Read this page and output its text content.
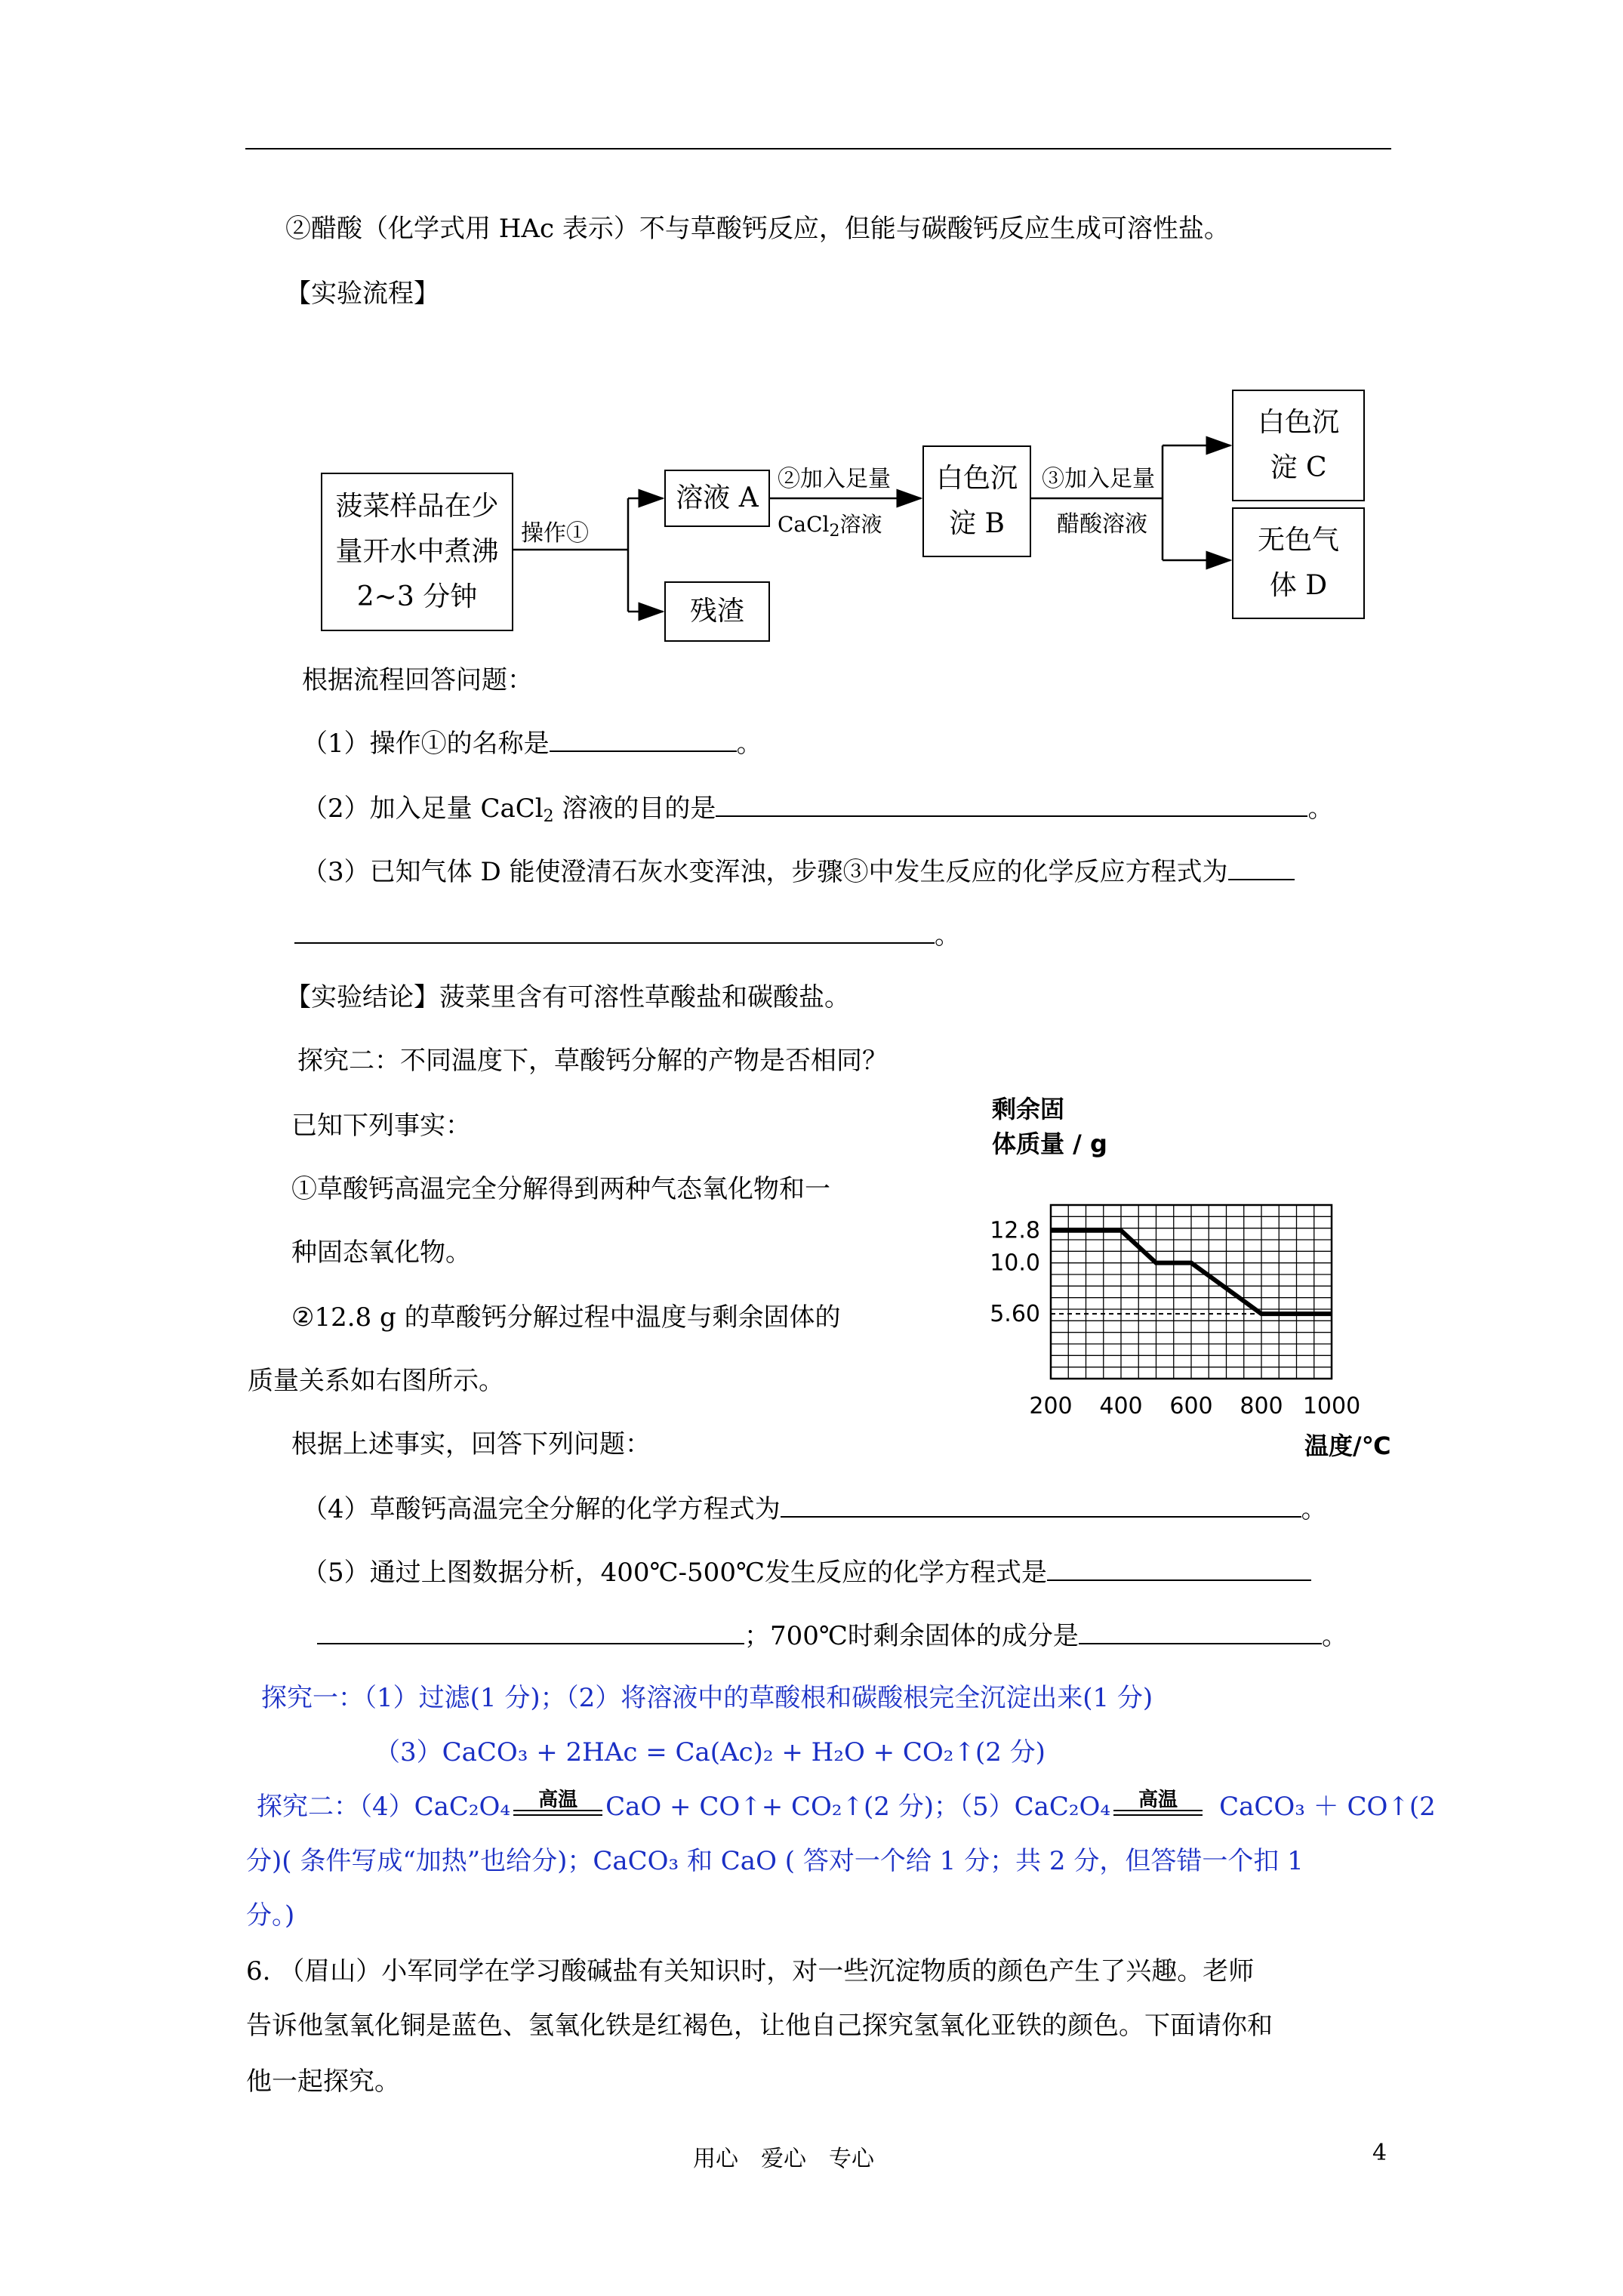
②醋酸（化学式用 HAc 表示）不与草酸钙反应，但能与碳酸钙反应生成可溶性盐。
【实验流程】
菠菜样品在少量开水中煮沸 2~3 分钟
操作①
溶液 A
残渣
②加入足量
CaCl$_2$溶液
白色沉淀 B
③加入足量
醋酸溶液
白色沉淀 C
无色气体 D
根据流程回答问题：
（1）操作①的名称是	。
（2）加入足量 CaCl$_2$ 溶液的目的是	。
（3）已知气体 D 能使澄清石灰水变浑浊，步骤③中发生反应的化学反应方程式为
。
【实验结论】菠菜里含有可溶性草酸盐和碳酸盐。
探究二：不同温度下，草酸钙分解的产物是否相同？
已知下列事实：
①草酸钙高温完全分解得到两种气态氧化物和一
种固态氧化物。
②12.8 g 的草酸钙分解过程中温度与剩余固体的
质量关系如右图所示。
200 400 600 800 1000
12.8
10.0
5.60
剩余固
体质量 / g
温度/℃
根据上述事实，回答下列问题：
（4）草酸钙高温完全分解的化学方程式为	。
（5）通过上图数据分析，400℃-500℃发生反应的化学方程式是
；700℃时剩余固体的成分是	。
探究一：（1）过滤(1 分)；（2）将溶液中的草酸根和碳酸根完全沉淀出来(1 分)
（3）CaCO₃ + 2HAc = Ca(Ac)₂ + H₂O + CO₂↑(2 分)
探究二：（4）CaC₂O₄	高温	CaO + CO↑+ CO₂↑(2 分)；（5）CaC₂O₄	高温	CaCO₃ ＋ CO↑(2
分)( 条件写成“加热”也给分)；CaCO₃ 和 CaO ( 答对一个给 1 分；共 2 分，但答错一个扣 1
分。)
6. （眉山）小军同学在学习酸碱盐有关知识时，对一些沉淀物质的颜色产生了兴趣。老师
告诉他氢氧化铜是蓝色、氢氧化铁是红褐色，让他自己探究氢氧化亚铁的颜色。下面请你和
他一起探究。
用心　爱心　专心	4
